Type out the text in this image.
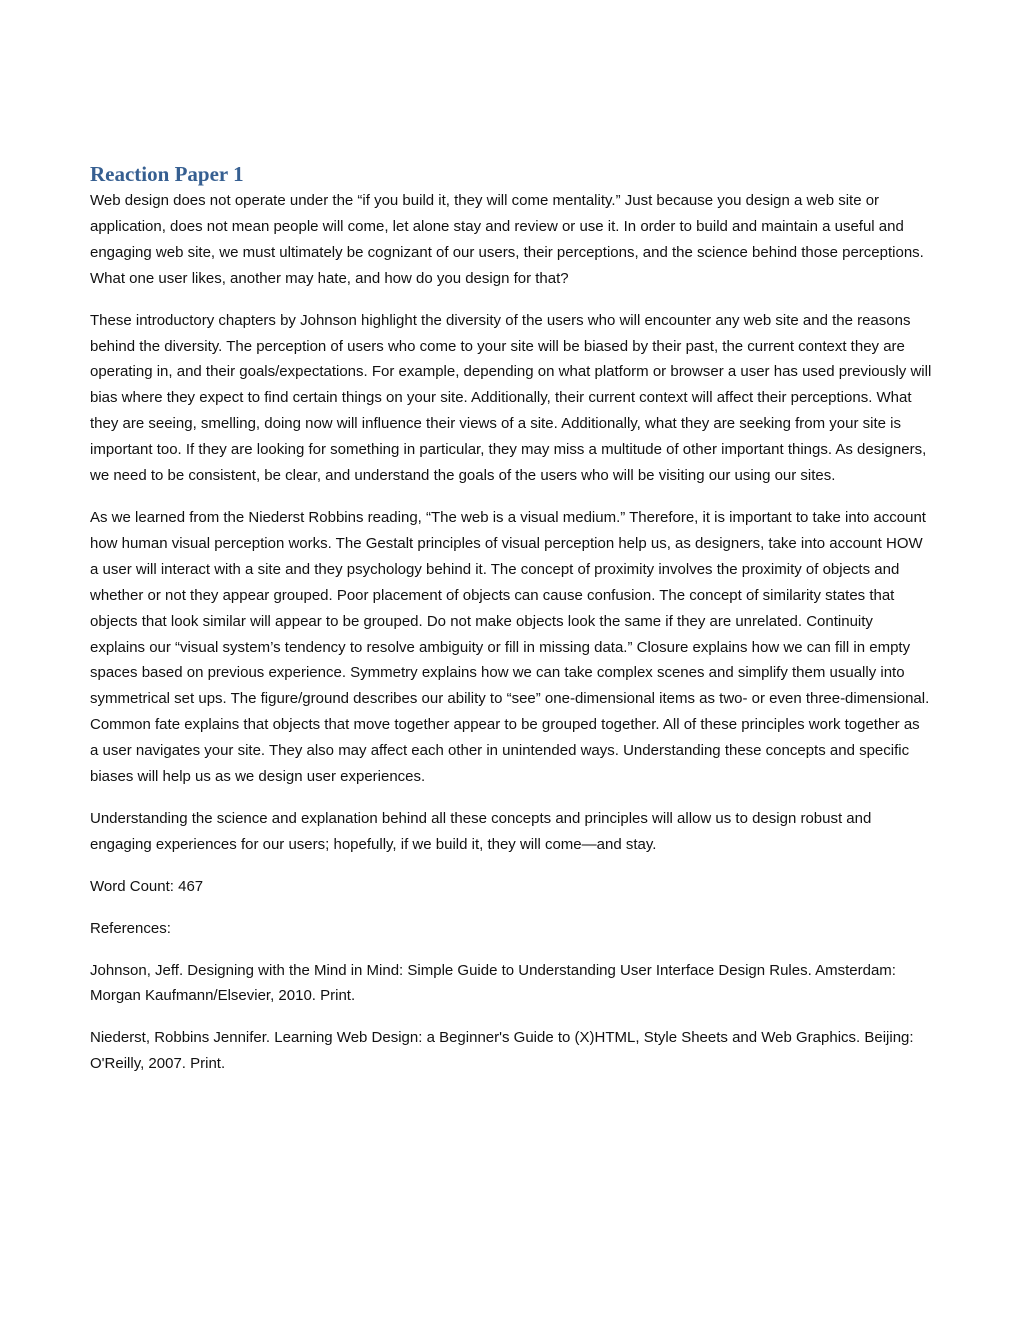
Reaction Paper 1

Web design does not operate under the “if you build it, they will come mentality.” Just because you design a web site or application, does not mean people will come, let alone stay and review or use it. In order to build and maintain a useful and engaging web site, we must ultimately be cognizant of our users, their perceptions, and the science behind those perceptions. What one user likes, another may hate, and how do you design for that?

These introductory chapters by Johnson highlight the diversity of the users who will encounter any web site and the reasons behind the diversity. The perception of users who come to your site will be biased by their past, the current context they are operating in, and their goals/expectations. For example, depending on what platform or browser a user has used previously will bias where they expect to find certain things on your site. Additionally, their current context will affect their perceptions. What they are seeing, smelling, doing now will influence their views of a site. Additionally, what they are seeking from your site is important too. If they are looking for something in particular, they may miss a multitude of other important things. As designers, we need to be consistent, be clear, and understand the goals of the users who will be visiting our using our sites.

As we learned from the Niederst Robbins reading, “The web is a visual medium.” Therefore, it is important to take into account how human visual perception works. The Gestalt principles of visual perception help us, as designers, take into account HOW a user will interact with a site and they psychology behind it. The concept of proximity involves the proximity of objects and whether or not they appear grouped. Poor placement of objects can cause confusion. The concept of similarity states that objects that look similar will appear to be grouped. Do not make objects look the same if they are unrelated. Continuity explains our “visual system’s tendency to resolve ambiguity or fill in missing data.” Closure explains how we can fill in empty spaces based on previous experience. Symmetry explains how we can take complex scenes and simplify them usually into symmetrical set ups. The figure/ground describes our ability to “see” one-dimensional items as two- or even three-dimensional. Common fate explains that objects that move together appear to be grouped together. All of these principles work together as a user navigates your site. They also may affect each other in unintended ways. Understanding these concepts and specific biases will help us as we design user experiences.

Understanding the science and explanation behind all these concepts and principles will allow us to design robust and engaging experiences for our users; hopefully, if we build it, they will come—and stay.

Word Count: 467

References:

Johnson, Jeff. Designing with the Mind in Mind: Simple Guide to Understanding User Interface Design Rules. Amsterdam: Morgan Kaufmann/Elsevier, 2010. Print.

Niederst, Robbins Jennifer. Learning Web Design: a Beginner's Guide to (X)HTML, Style Sheets and Web Graphics. Beijing: O'Reilly, 2007. Print.
